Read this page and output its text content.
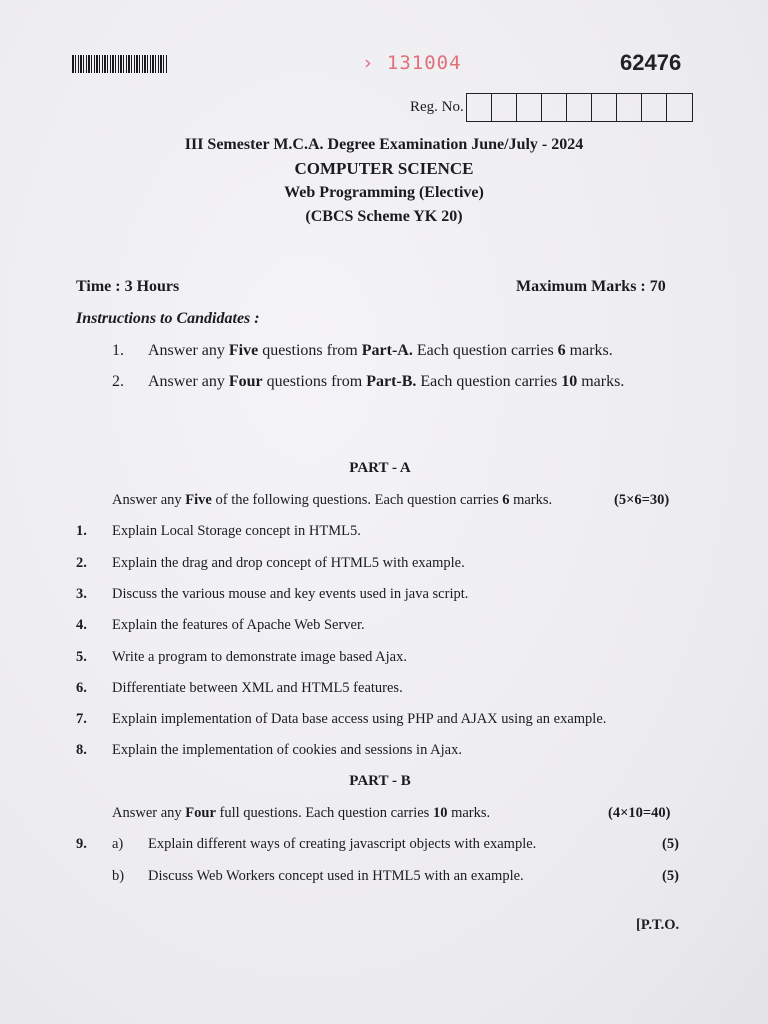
› 131004	62476
Reg. No.
III Semester M.C.A. Degree Examination June/July - 2024
COMPUTER SCIENCE
Web Programming (Elective)
(CBCS Scheme YK 20)
Time : 3 Hours	Maximum Marks : 70
Instructions to Candidates :
1. Answer any Five questions from Part-A. Each question carries 6 marks.
2. Answer any Four questions from Part-B. Each question carries 10 marks.
PART - A
Answer any Five of the following questions. Each question carries 6 marks.	(5×6=30)
1. Explain Local Storage concept in HTML5.
2. Explain the drag and drop concept of HTML5 with example.
3. Discuss the various mouse and key events used in java script.
4. Explain the features of Apache Web Server.
5. Write a program to demonstrate image based Ajax.
6. Differentiate between XML and HTML5 features.
7. Explain implementation of Data base access using PHP and AJAX using an example.
8. Explain the implementation of cookies and sessions in Ajax.
PART - B
Answer any Four full questions. Each question carries 10 marks.	(4×10=40)
9. a) Explain different ways of creating javascript objects with example.	(5)
b) Discuss Web Workers concept used in HTML5 with an example.	(5)
[P.T.O.
